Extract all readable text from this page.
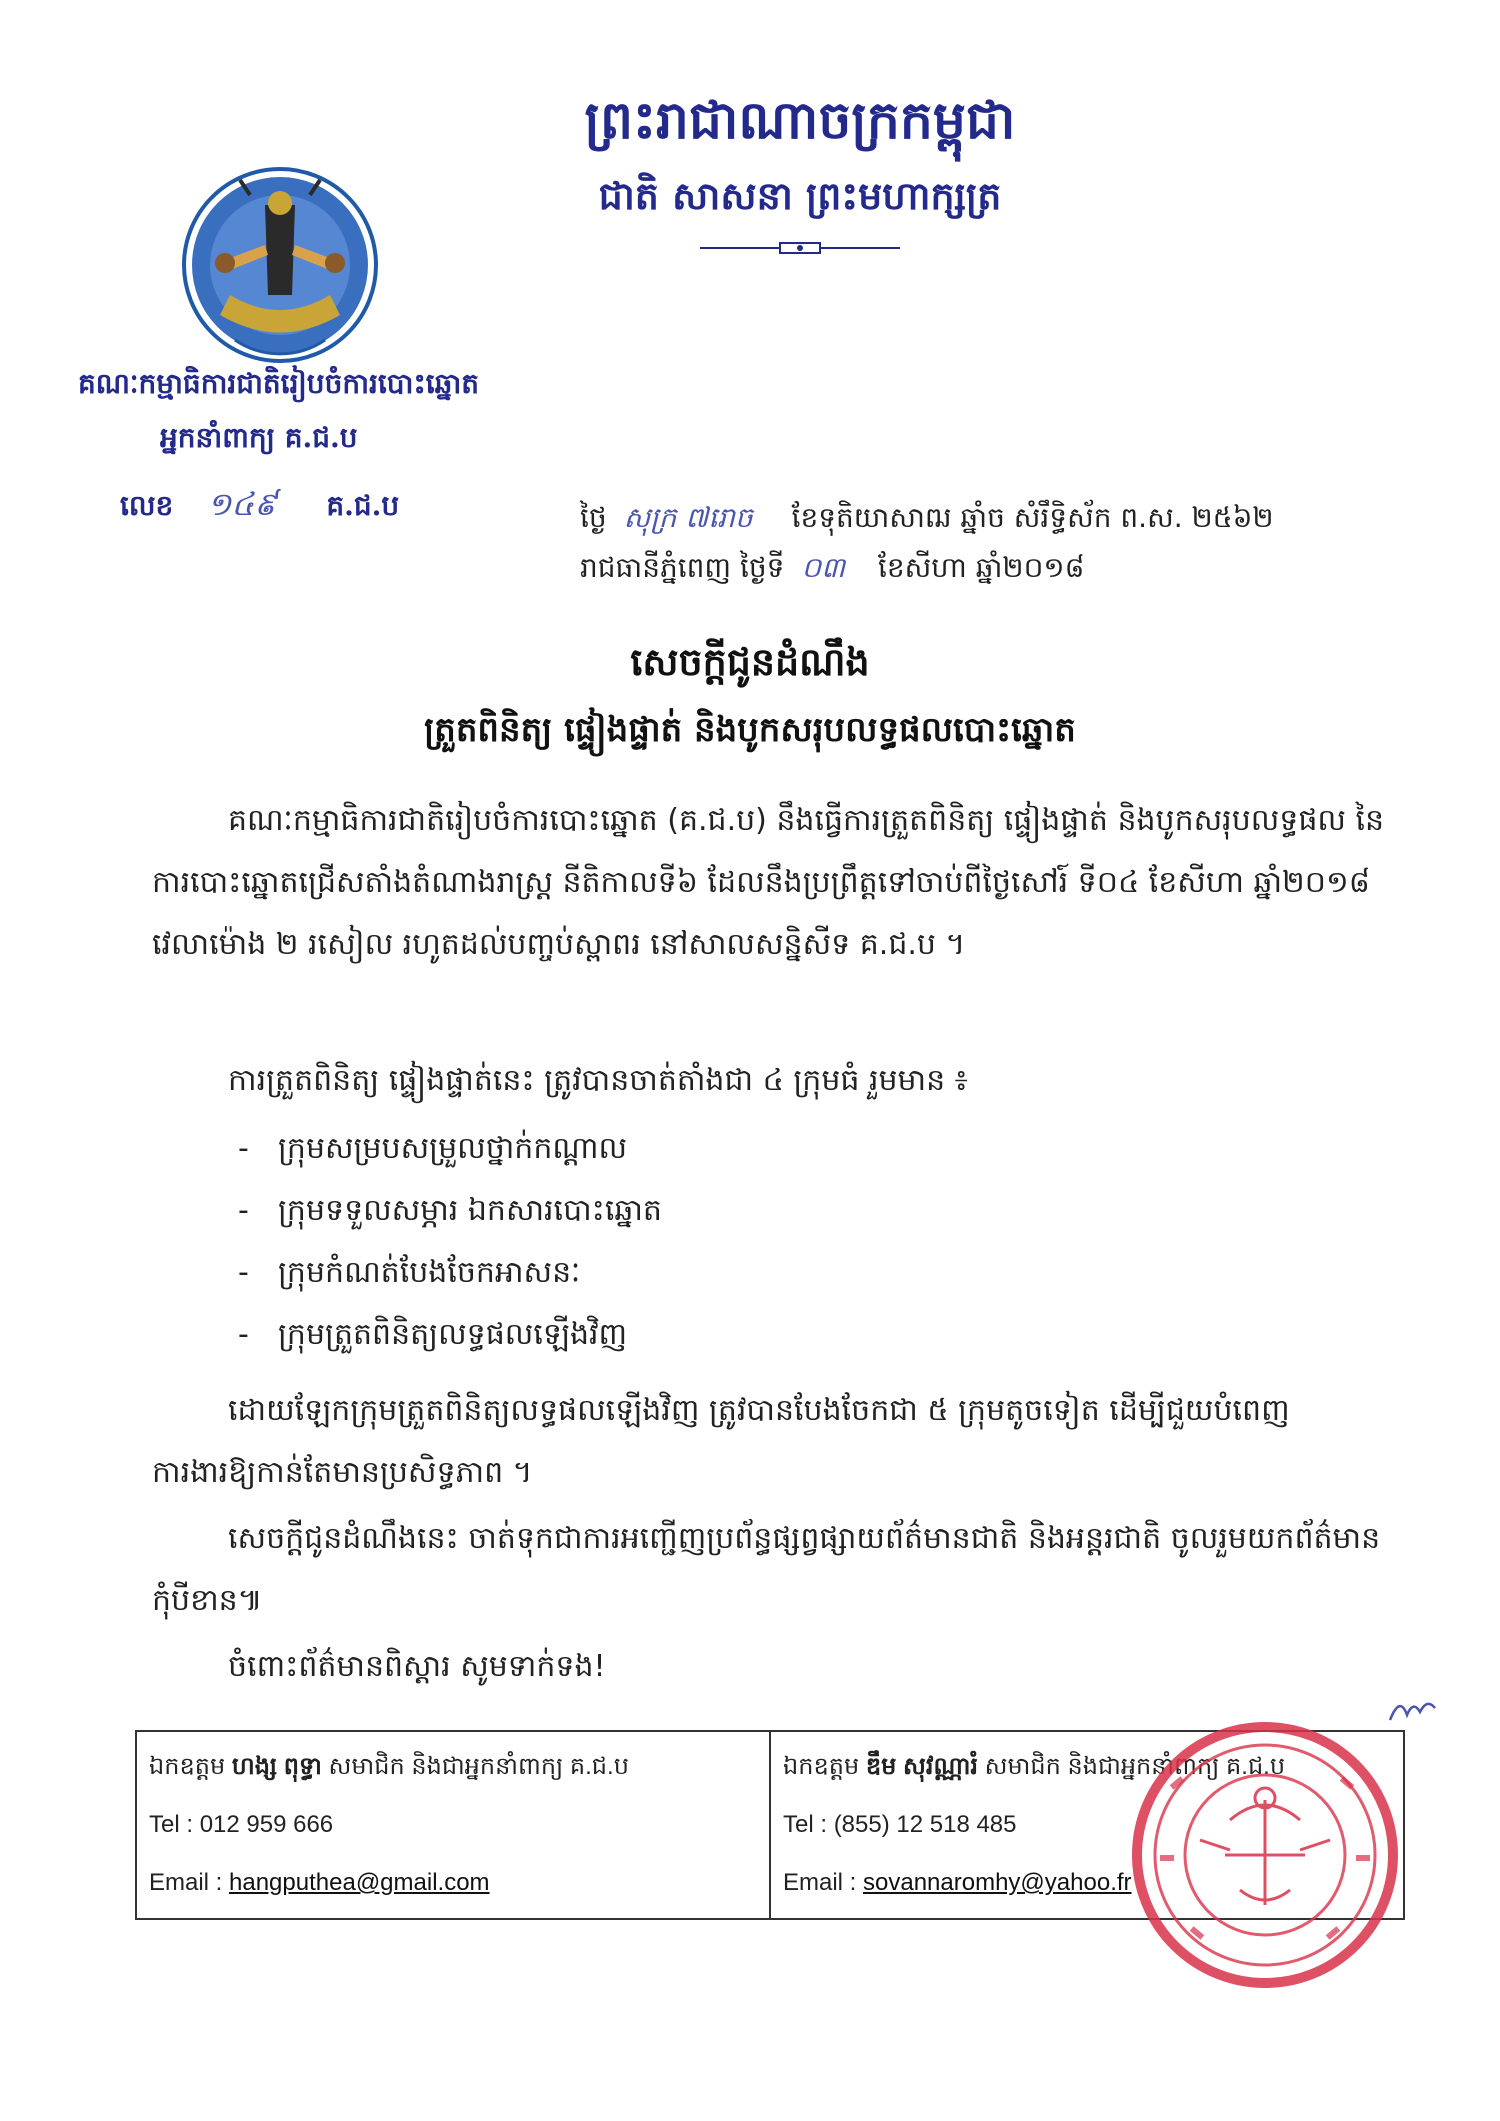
ព្រះរាជាណាចក្រកម្ពុជា
ជាតិ សាសនា ព្រះមហាក្សត្រ
គណៈកម្មាធិការជាតិរៀបចំការបោះឆ្នោត
អ្នកនាំពាក្យ គ.ជ.ប
លេខ ១៤៩ គ.ជ.ប	ថ្ងៃ សុក្រ ៧រោច ខែទុតិយាសាឍ ឆ្នាំច សំរឹទ្ធិស័ក ព.ស. ២៥៦២
រាជធានីភ្នំពេញ ថ្ងៃទី ០៣ ខែសីហា ឆ្នាំ២០១៨
សេចក្តីជូនដំណឹង
ត្រួតពិនិត្យ ផ្ទៀងផ្ទាត់ និងបូកសរុបលទ្ធផលបោះឆ្នោត
គណៈកម្មាធិការជាតិរៀបចំការបោះឆ្នោត (គ.ជ.ប) នឹងធ្វើការត្រួតពិនិត្យ ផ្ទៀងផ្ទាត់ និងបូកសរុបលទ្ធផល នៃការបោះឆ្នោតជ្រើសតាំងតំណាងរាស្ត្រ នីតិកាលទី៦ ដែលនឹងប្រព្រឹត្តទៅចាប់ពីថ្ងៃសៅរ៍ ទី០៤ ខែសីហា ឆ្នាំ២០១៨ វេលាម៉ោង ២ រសៀល រហូតដល់បញ្ចប់ស្ពាពរ នៅសាលសន្និសីទ គ.ជ.ប ។
ការត្រួតពិនិត្យ ផ្ទៀងផ្ទាត់នេះ ត្រូវបានចាត់តាំងជា ៤ ក្រុមធំ រួមមាន ៖
- ក្រុមសម្របសម្រួលថ្នាក់កណ្តាល
- ក្រុមទទួលសម្ភារ ឯកសារបោះឆ្នោត
- ក្រុមកំណត់បែងចែកអាសនៈ
- ក្រុមត្រួតពិនិត្យលទ្ធផលឡើងវិញ
ដោយឡែកក្រុមត្រួតពិនិត្យលទ្ធផលឡើងវិញ ត្រូវបានបែងចែកជា ៥ ក្រុមតូចទៀត ដើម្បីជួយបំពេញការងារឱ្យកាន់តែមានប្រសិទ្ធភាព ។
សេចក្តីជូនដំណឹងនេះ ចាត់ទុកជាការអញ្ជើញប្រព័ន្ធផ្សព្វផ្សាយព័ត៌មានជាតិ និងអន្តរជាតិ ចូលរួមយកព័ត៌មានកុំបីខាន៕
ចំពោះព័ត៌មានពិស្តារ សូមទាក់ទង!
ឯកឧត្តម ហង្ស ពុទ្ធា សមាជិក និងជាអ្នកនាំពាក្យ គ.ជ.ប
Tel : 012 959 666
Email : hangputhea@gmail.com

ឯកឧត្តម ឌឹម សុវណ្ណារំ សមាជិក និងជាអ្នកនាំពាក្យ គ.ជ.ប
Tel : (855) 12 518 485
Email : sovannaromhy@yahoo.fr
